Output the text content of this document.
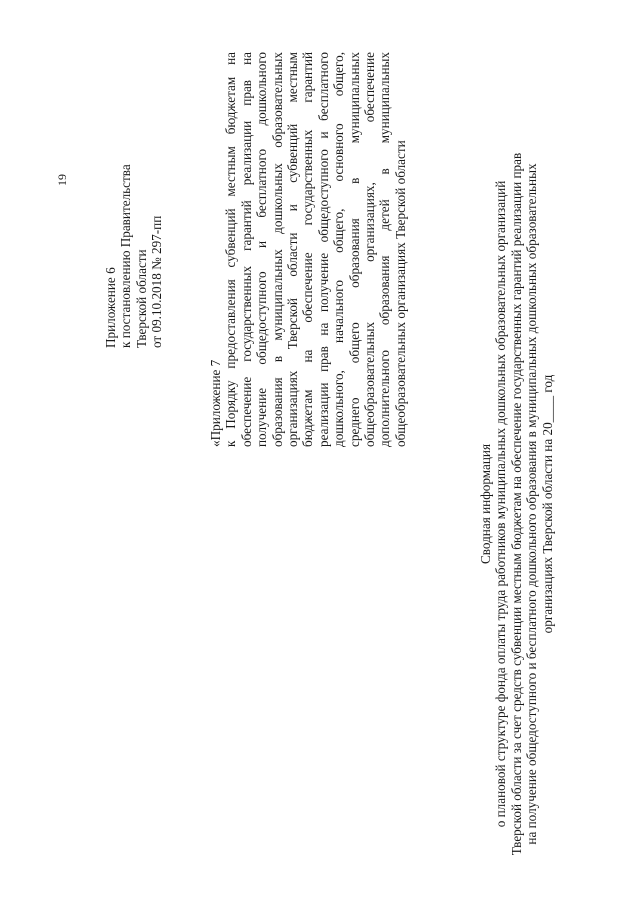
19
Приложение 6 к постановлению Правительства Тверской области от 09.10.2018 № 297-пп
«Приложение 7 к Порядку предоставления субвенций местным бюджетам на обеспечение государственных гарантий реализации прав на получение общедоступного и бесплатного дошкольного образования в муниципальных дошкольных образовательных организациях Тверской области и субвенций местным бюджетам на обеспечение государственных гарантий реализации прав на получение общедоступного и бесплатного дошкольного, начального общего, основного общего, среднего общего образования в муниципальных общеобразовательных организациях, обеспечение дополнительного образования детей в муниципальных общеобразовательных организациях Тверской области
Сводная информация о плановой структуре фонда оплаты труда работников муниципальных дошкольных образовательных организаций Тверской области за счет средств субвенции местным бюджетам на обеспечение государственных гарантий реализации прав на получение общедоступного и бесплатного дошкольного образования в муниципальных дошкольных образовательных организациях Тверской области на 20____ год
